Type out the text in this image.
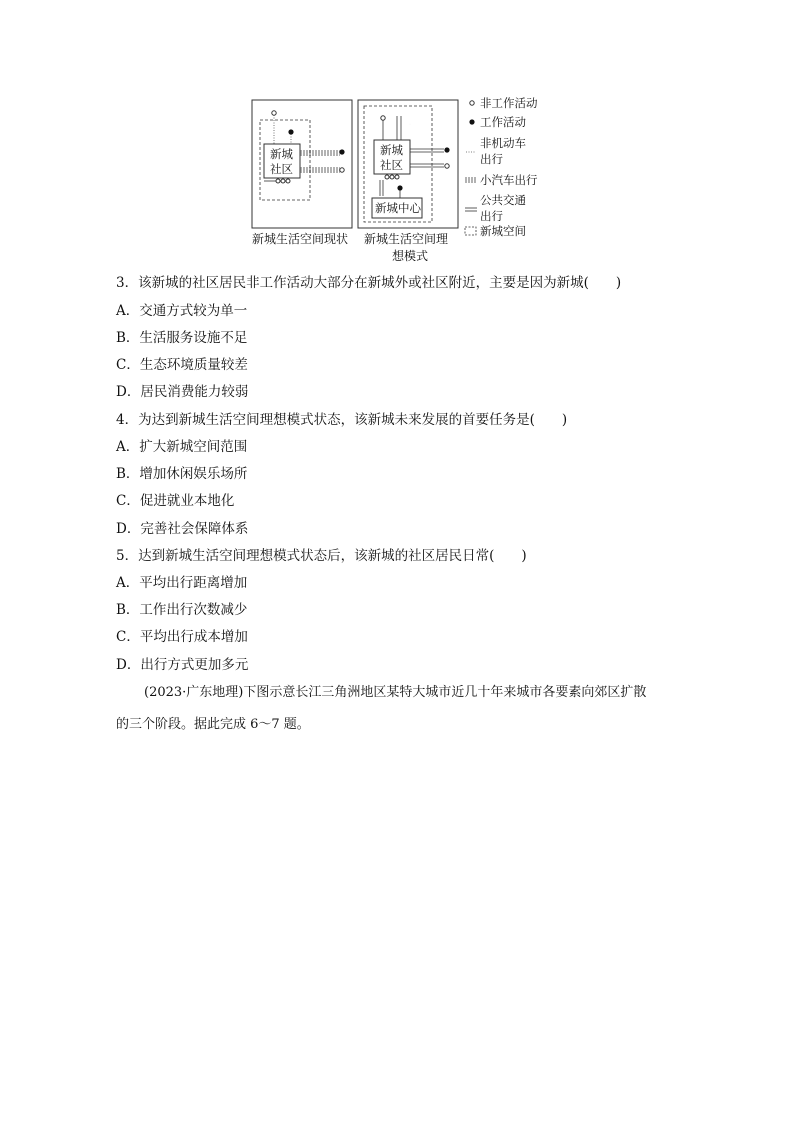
新城
社区
新城
社区
新城中心
非工作活动
工作活动
非机动车
出行
小汽车出行
公共交通
出行
新城空间
新城生活空间现状 新城生活空间理
想模式
3．该新城的社区居民非工作活动大部分在新城外或社区附近，主要是因为新城(　　)
A．交通方式较为单一
B．生活服务设施不足
C．生态环境质量较差
D．居民消费能力较弱
4．为达到新城生活空间理想模式状态，该新城未来发展的首要任务是(　　)
A．扩大新城空间范围
B．增加休闲娱乐场所
C．促进就业本地化
D．完善社会保障体系
5．达到新城生活空间理想模式状态后，该新城的社区居民日常(　　)
A．平均出行距离增加
B．工作出行次数减少
C．平均出行成本增加
D．出行方式更加多元
(2023·广东地理)下图示意长江三角洲地区某特大城市近几十年来城市各要素向郊区扩散
的三个阶段。据此完成 6～7 题。
